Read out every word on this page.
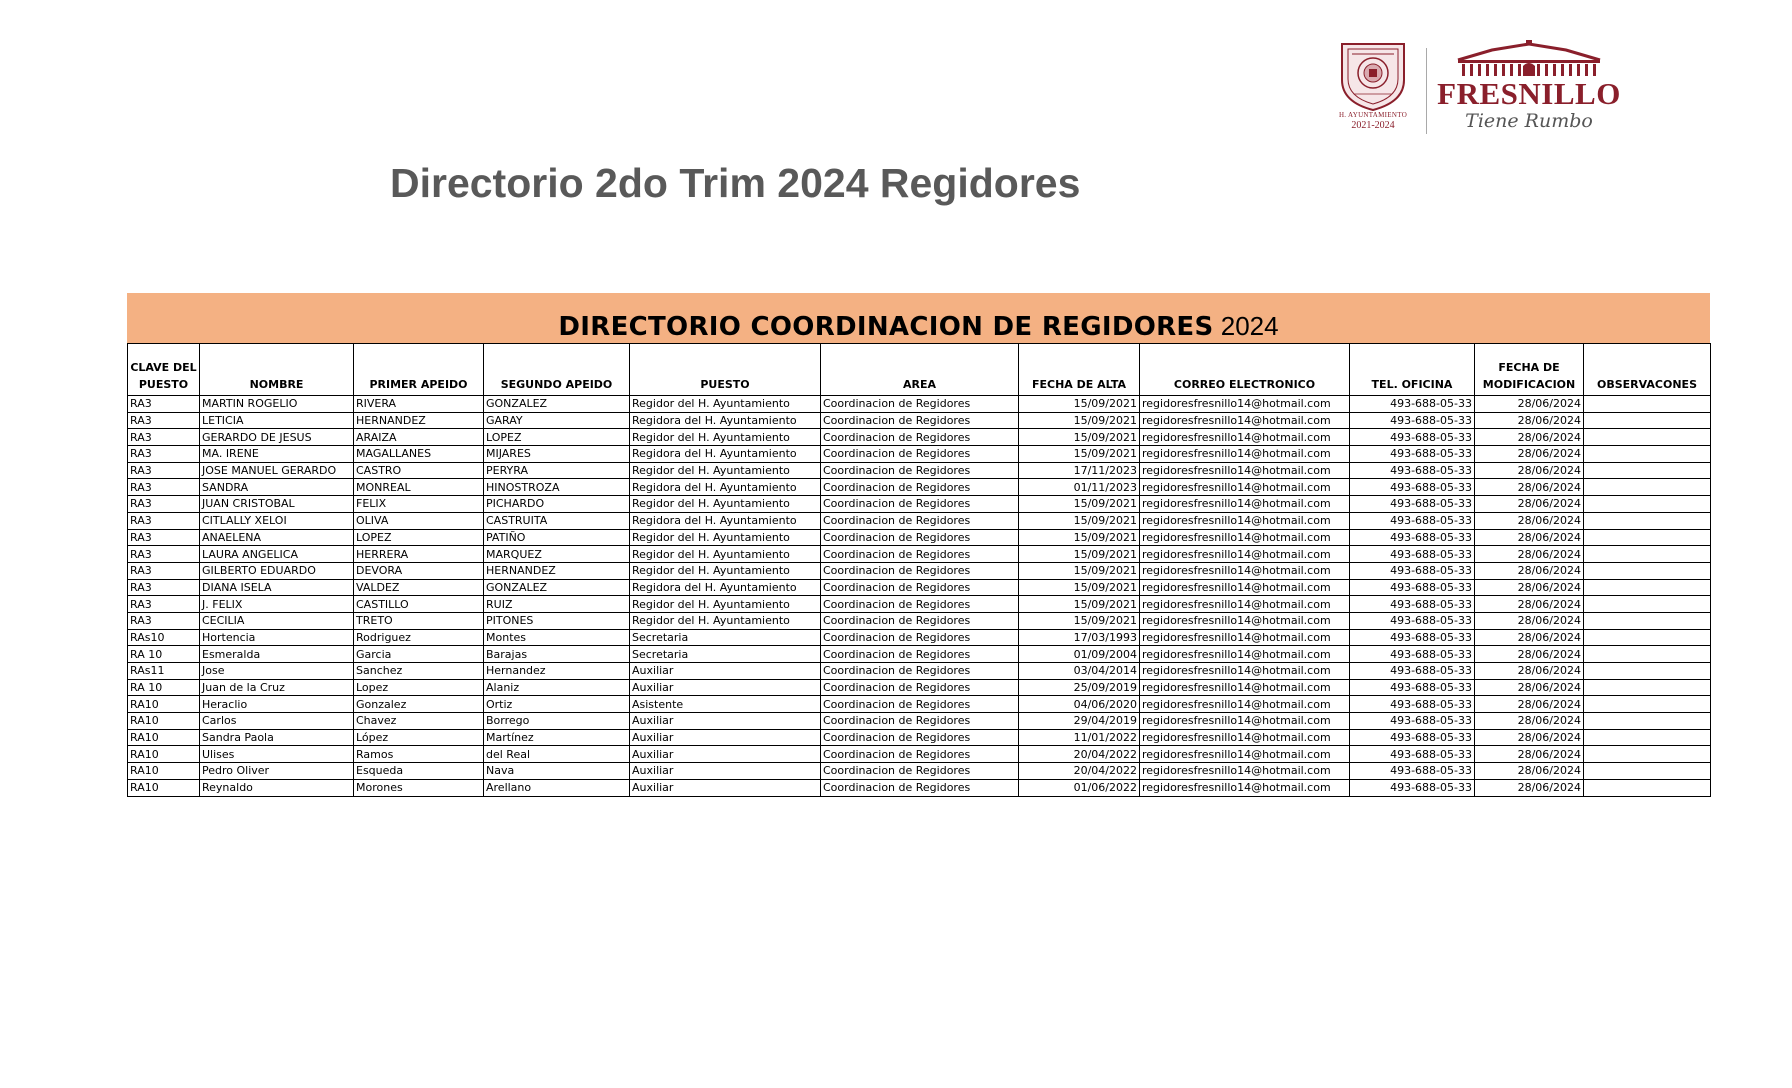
H. AYUNTAMIENTO
2021-2024
FRESNILLO
Tiene Rumbo
Directorio 2do Trim 2024 Regidores
DIRECTORIO COORDINACION DE REGIDORES 2024
CLAVE DEL PUESTO	NOMBRE	PRIMER APEIDO	SEGUNDO APEIDO	PUESTO	AREA	FECHA DE ALTA	CORREO ELECTRONICO	TEL. OFICINA	FECHA DE MODIFICACION	OBSERVACONES
RA3	MARTIN ROGELIO	RIVERA	GONZALEZ	Regidor del H. Ayuntamiento	Coordinacion de Regidores	15/09/2021	regidoresfresnillo14@hotmail.com	493-688-05-33	28/06/2024	
RA3	LETICIA	HERNANDEZ	GARAY	Regidora del H. Ayuntamiento	Coordinacion de Regidores	15/09/2021	regidoresfresnillo14@hotmail.com	493-688-05-33	28/06/2024	
RA3	GERARDO DE JESUS	ARAIZA	LOPEZ	Regidor del H. Ayuntamiento	Coordinacion de Regidores	15/09/2021	regidoresfresnillo14@hotmail.com	493-688-05-33	28/06/2024	
RA3	MA. IRENE	MAGALLANES	MIJARES	Regidora del H. Ayuntamiento	Coordinacion de Regidores	15/09/2021	regidoresfresnillo14@hotmail.com	493-688-05-33	28/06/2024	
RA3	JOSE MANUEL GERARDO	CASTRO	PERYRA	Regidor del H. Ayuntamiento	Coordinacion de Regidores	17/11/2023	regidoresfresnillo14@hotmail.com	493-688-05-33	28/06/2024	
RA3	SANDRA	MONREAL	HINOSTROZA	Regidora del H. Ayuntamiento	Coordinacion de Regidores	01/11/2023	regidoresfresnillo14@hotmail.com	493-688-05-33	28/06/2024	
RA3	JUAN CRISTOBAL	FELIX	PICHARDO	Regidor del H. Ayuntamiento	Coordinacion de Regidores	15/09/2021	regidoresfresnillo14@hotmail.com	493-688-05-33	28/06/2024	
RA3	CITLALLY XELOI	OLIVA	CASTRUITA	Regidora del H. Ayuntamiento	Coordinacion de Regidores	15/09/2021	regidoresfresnillo14@hotmail.com	493-688-05-33	28/06/2024	
RA3	ANAELENA	LOPEZ	PATIÑO	Regidor del H. Ayuntamiento	Coordinacion de Regidores	15/09/2021	regidoresfresnillo14@hotmail.com	493-688-05-33	28/06/2024	
RA3	LAURA ANGELICA	HERRERA	MARQUEZ	Regidor del H. Ayuntamiento	Coordinacion de Regidores	15/09/2021	regidoresfresnillo14@hotmail.com	493-688-05-33	28/06/2024	
RA3	GILBERTO EDUARDO	DEVORA	HERNANDEZ	Regidor del H. Ayuntamiento	Coordinacion de Regidores	15/09/2021	regidoresfresnillo14@hotmail.com	493-688-05-33	28/06/2024	
RA3	DIANA ISELA	VALDEZ	GONZALEZ	Regidora del H. Ayuntamiento	Coordinacion de Regidores	15/09/2021	regidoresfresnillo14@hotmail.com	493-688-05-33	28/06/2024	
RA3	J. FELIX	CASTILLO	RUIZ	Regidor del H. Ayuntamiento	Coordinacion de Regidores	15/09/2021	regidoresfresnillo14@hotmail.com	493-688-05-33	28/06/2024	
RA3	CECILIA	TRETO	PITONES	Regidor del H. Ayuntamiento	Coordinacion de Regidores	15/09/2021	regidoresfresnillo14@hotmail.com	493-688-05-33	28/06/2024	
RAs10	Hortencia	Rodriguez	Montes	Secretaria	Coordinacion de Regidores	17/03/1993	regidoresfresnillo14@hotmail.com	493-688-05-33	28/06/2024	
RA 10	Esmeralda	Garcia	Barajas	Secretaria	Coordinacion de Regidores	01/09/2004	regidoresfresnillo14@hotmail.com	493-688-05-33	28/06/2024	
RAs11	Jose	Sanchez	Hernandez	Auxiliar	Coordinacion de Regidores	03/04/2014	regidoresfresnillo14@hotmail.com	493-688-05-33	28/06/2024	
RA 10	Juan de la Cruz	Lopez	Alaniz	Auxiliar	Coordinacion de Regidores	25/09/2019	regidoresfresnillo14@hotmail.com	493-688-05-33	28/06/2024	
RA10	Heraclio	Gonzalez	Ortiz	Asistente	Coordinacion de Regidores	04/06/2020	regidoresfresnillo14@hotmail.com	493-688-05-33	28/06/2024	
RA10	Carlos	Chavez	Borrego	Auxiliar	Coordinacion de Regidores	29/04/2019	regidoresfresnillo14@hotmail.com	493-688-05-33	28/06/2024	
RA10	Sandra Paola	López	Martínez	Auxiliar	Coordinacion de Regidores	11/01/2022	regidoresfresnillo14@hotmail.com	493-688-05-33	28/06/2024	
RA10	Ulises	Ramos	del Real	Auxiliar	Coordinacion de Regidores	20/04/2022	regidoresfresnillo14@hotmail.com	493-688-05-33	28/06/2024	
RA10	Pedro Oliver	Esqueda	Nava	Auxiliar	Coordinacion de Regidores	20/04/2022	regidoresfresnillo14@hotmail.com	493-688-05-33	28/06/2024	
RA10	Reynaldo	Morones	Arellano	Auxiliar	Coordinacion de Regidores	01/06/2022	regidoresfresnillo14@hotmail.com	493-688-05-33	28/06/2024	
